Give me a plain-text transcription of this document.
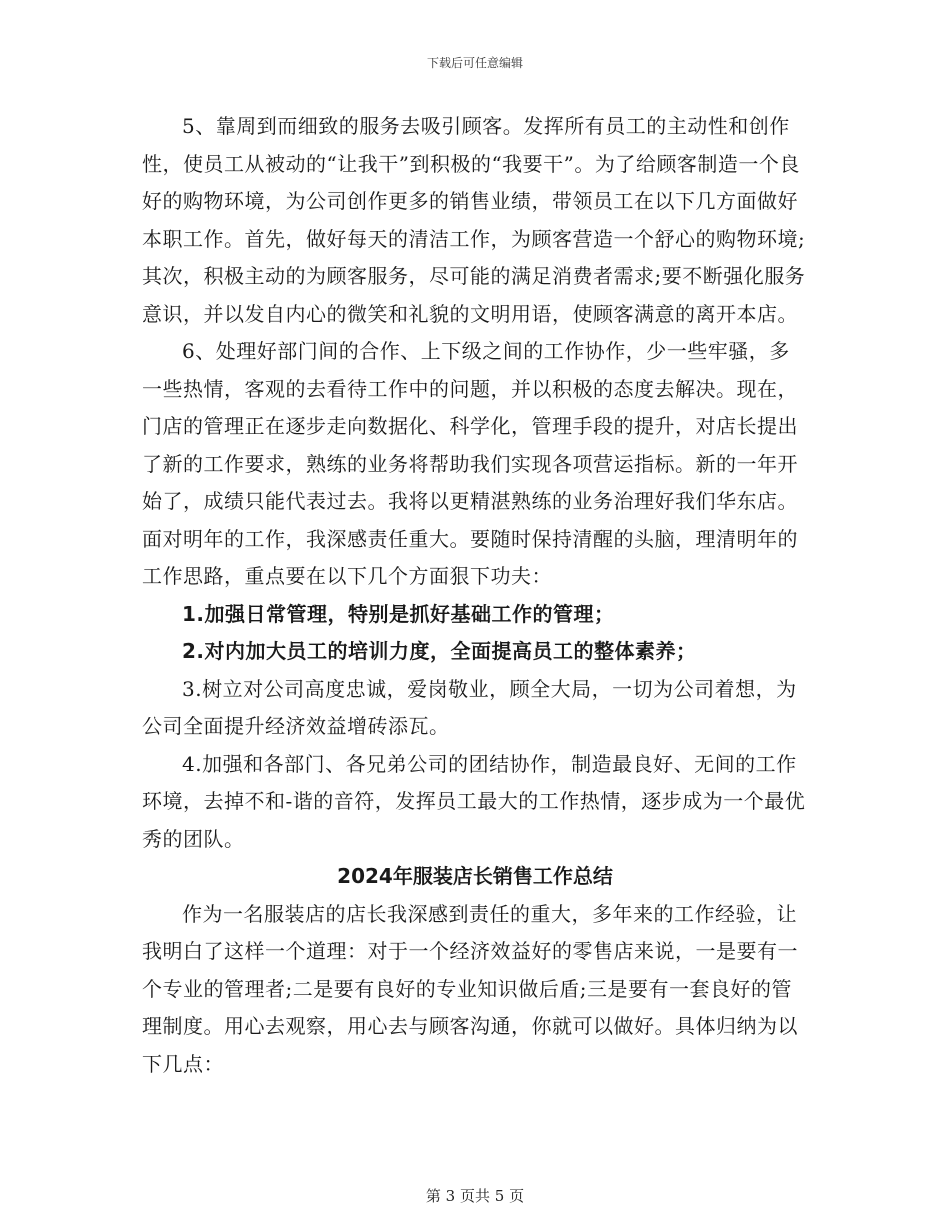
下载后可任意编辑

5、靠周到而细致的服务去吸引顾客。发挥所有员工的主动性和创作性，使员工从被动的“让我干”到积极的“我要干”。为了给顾客制造一个良好的购物环境，为公司创作更多的销售业绩，带领员工在以下几方面做好本职工作。首先，做好每天的清洁工作，为顾客营造一个舒心的购物环境;其次，积极主动的为顾客服务，尽可能的满足消费者需求;要不断强化服务意识，并以发自内心的微笑和礼貌的文明用语，使顾客满意的离开本店。

6、处理好部门间的合作、上下级之间的工作协作，少一些牢骚，多一些热情，客观的去看待工作中的问题，并以积极的态度去解决。现在，门店的管理正在逐步走向数据化、科学化，管理手段的提升，对店长提出了新的工作要求，熟练的业务将帮助我们实现各项营运指标。新的一年开始了，成绩只能代表过去。我将以更精湛熟练的业务治理好我们华东店。面对明年的工作，我深感责任重大。要随时保持清醒的头脑，理清明年的工作思路，重点要在以下几个方面狠下功夫：

1.加强日常管理，特别是抓好基础工作的管理；

2.对内加大员工的培训力度，全面提高员工的整体素养；

3.树立对公司高度忠诚，爱岗敬业，顾全大局，一切为公司着想，为公司全面提升经济效益增砖添瓦。

4.加强和各部门、各兄弟公司的团结协作，制造最良好、无间的工作环境，去掉不和-谐的音符，发挥员工最大的工作热情，逐步成为一个最优秀的团队。

2024年服装店长销售工作总结

作为一名服装店的店长我深感到责任的重大，多年来的工作经验，让我明白了这样一个道理：对于一个经济效益好的零售店来说，一是要有一个专业的管理者;二是要有良好的专业知识做后盾;三是要有一套良好的管理制度。用心去观察，用心去与顾客沟通，你就可以做好。具体归纳为以下几点：

第 3 页共 5 页
